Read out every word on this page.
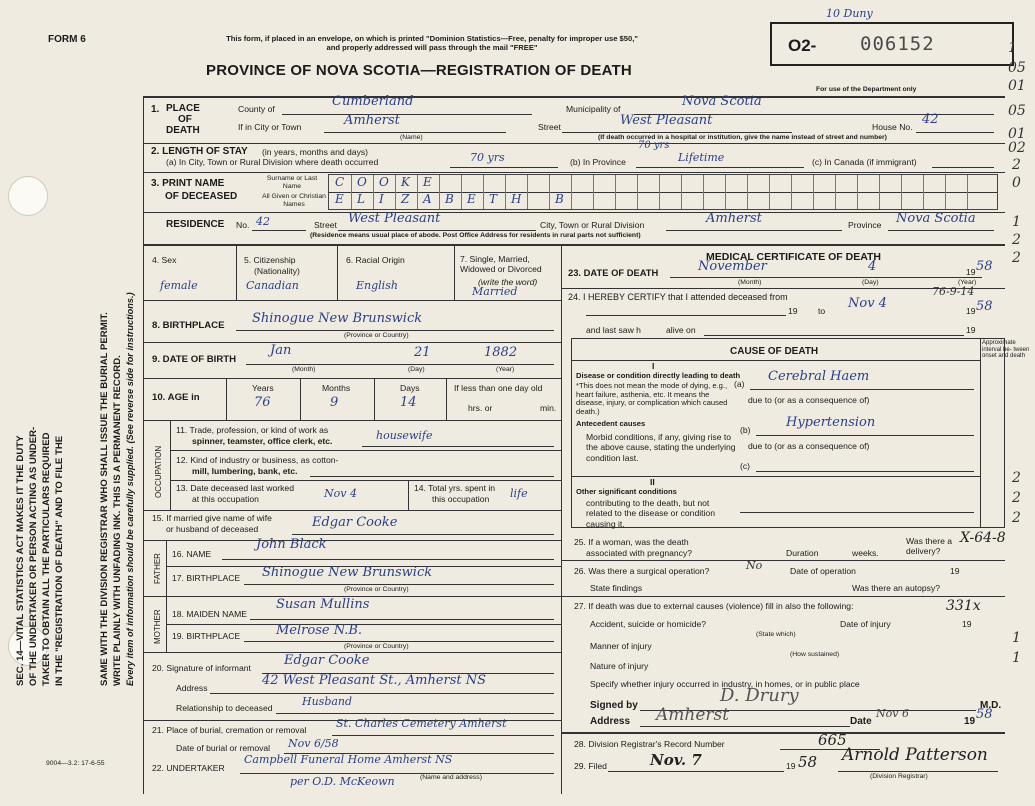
FORM 6	This form, if placed in an envelope, on which is printed "Dominion Statistics—Free, penalty for improper use $50," and properly addressed will pass through the mail "FREE"
PROVINCE OF NOVA SCOTIA—REGISTRATION OF DEATH
O2- 006152
10 Duny
For use of the Department only
SEC. 14—VITAL STATISTICS ACT MAKES IT THE DUTY OF THE UNDERTAKER OR PERSON ACTING AS UNDER- TAKER TO OBTAIN ALL THE PARTICULARS REQUIRED IN THE "REGISTRATION OF DEATH" AND TO FILE THE	SAME WITH THE DIVISION REGISTRAR WHO SHALL ISSUE THE BURIAL PERMIT. WRITE PLAINLY WITH UNFADING INK. THIS IS A PERMANENT RECORD. Every item of information should be carefully supplied. (See reverse side for instructions.)
9004—3.2: 17-6-55
1. PLACE
OF
DEATH
County of	Cumberland	Municipality of	Nova Scotia
If in City or Town	Amherst
(Name)
Street	West Pleasant	House No. 42
(If death occurred in a hospital or institution, give the name instead of street and number)
2. LENGTH OF STAY (in years, months and days)
(a) In City, Town or Rural Division where death occurred	70 yrs	(b) In Province	Lifetime
70 yrs
(c) In Canada (if immigrant)
3. PRINT NAME
OF DECEASED
Surname or Last Name
All Given or Christian Names
C O O K E
E L I Z A B E T H	B
RESIDENCE No. 42	Street West Pleasant	City, Town or Rural Division	Amherst	Province Nova Scotia
(Residence means usual place of abode. Post Office Address for residents in rural parts not sufficient)
4. Sex
female
5. Citizenship
(Nationality)
Canadian
6. Racial Origin
English
7. Single, Married, Widowed or Divorced
(write the word)
Married
8. BIRTHPLACE Shinogue New Brunswick
(Province or Country)
9. DATE OF BIRTH
Jan	21	1882
(Month)	(Day)	(Year)
10. AGE in
Years	Months	Days
76	9	14
If less than one day old
hrs. or	min.
OCCUPATION
11. Trade, profession, or kind of work as
spinner, teamster, office clerk, etc.	housewife
12. Kind of industry or business, as cotton-
mill, lumbering, bank, etc.
13. Date deceased last worked
at this occupation	Nov 4	14. Total yrs. spent in
this occupation life
15. If married give name of wife
or husband of deceased	Edgar Cooke
FATHER 16. NAME
John Black
17. BIRTHPLACE Shinogue New Brunswick
(Province or Country)
MOTHER 18. MAIDEN NAME
Susan Mullins
19. BIRTHPLACE	Melrose N.B.
(Province or Country)
20. Signature of informant	Edgar Cooke
Address	42 West Pleasant St., Amherst NS
Relationship to deceased	Husband
21. Place of burial, cremation or removal	St. Charles Cemetery Amherst
Date of burial or removal Nov 6/58
22. UNDERTAKER
Campbell Funeral Home Amherst NS
(Name and address)
per O.D. McKeown
MEDICAL CERTIFICATE OF DEATH
23. DATE OF DEATH	November	4	19 58
(Month)	(Day)	(Year)
24. I HEREBY CERTIFY that I attended deceased from
19 to Nov 4
76-9-14
19 58
and last saw h	alive on	19
CAUSE OF DEATH
Approximate interval be- tween onset and death
I
Disease or condition directly leading to death
*This does not mean the mode of dying, e.g., heart failure, asthenia, etc. It means the disease, injury, or complication which caused death.)
(a) Cerebral Haem
due to (or as a consequence of)
Antecedent causes
Morbid conditions, if any, giving rise to the above cause, stating the underlying condition last.
(b)	Hypertension
due to (or as a consequence of)
(c)
II
Other significant conditions
contributing to the death, but not related to the disease or condition causing it.
25. If a woman, was the death
associated with pregnancy?	Duration	weeks.
Was there a delivery?
X-64-8
26. Was there a surgical operation?	No	Date of operation	19
State findings	Was there an autopsy?
27. If death was due to external causes (violence) fill in also the following:	331x
Accident, suicide or homicide?	Date of injury	19
(State which)
Manner of injury
(How sustained)
Nature of injury
Specify whether injury occurred in industry, in homes, or in public place
Signed by	D. Drury	M.D.
Address Amherst	Date
Nov 6
19 58
28. Division Registrar's Record Number	665
29. Filed	Nov. 7	19 58 Arnold Patterson
(Division Registrar)
1
05
01
05
01
02
2
0
1
2
2
2
2
2
1
1
